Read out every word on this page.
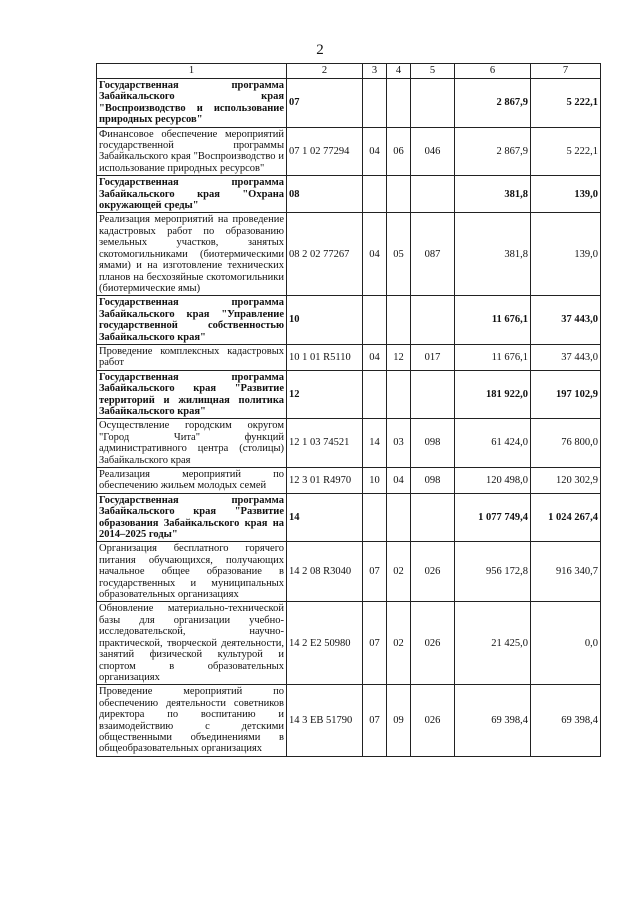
2
1	2	3	4	5	6	7
Государственная программа Забайкальского края "Воспроизводство и использование природных ресурсов"	07				2 867,9	5 222,1
Финансовое обеспечение мероприятий государственной программы Забайкальского края "Воспроизводство и использование природных ресурсов"	07 1 02 77294	04	06	046	2 867,9	5 222,1
Государственная программа Забайкальского края "Охрана окружающей среды"	08				381,8	139,0
Реализация мероприятий на проведение кадастровых работ по образованию земельных участков, занятых скотомогильниками (биотермическими ямами) и на изготовление технических планов на бесхозяйные скотомогильники (биотермические ямы)	08 2 02 77267	04	05	087	381,8	139,0
Государственная программа Забайкальского края "Управление государственной собственностью Забайкальского края"	10				11 676,1	37 443,0
Проведение комплексных кадастровых работ	10 1 01 R5110	04	12	017	11 676,1	37 443,0
Государственная программа Забайкальского края "Развитие территорий и жилищная политика Забайкальского края"	12				181 922,0	197 102,9
Осуществление городским округом "Город Чита" функций административного центра (столицы) Забайкальского края	12 1 03 74521	14	03	098	61 424,0	76 800,0
Реализация мероприятий по обеспечению жильем молодых семей	12 3 01 R4970	10	04	098	120 498,0	120 302,9
Государственная программа Забайкальского края "Развитие образования Забайкальского края на 2014–2025 годы"	14				1 077 749,4	1 024 267,4
Организация бесплатного горячего питания обучающихся, получающих начальное общее образование в государственных и муниципальных образовательных организациях	14 2 08 R3040	07	02	026	956 172,8	916 340,7
Обновление материально-технической базы для организации учебно-исследовательской, научно-практической, творческой деятельности, занятий физической культурой и спортом в образовательных организациях	14 2 E2 50980	07	02	026	21 425,0	0,0
Проведение мероприятий по обеспечению деятельности советников директора по воспитанию и взаимодействию с детскими общественными объединениями в общеобразовательных организациях	14 3 EB 51790	07	09	026	69 398,4	69 398,4
